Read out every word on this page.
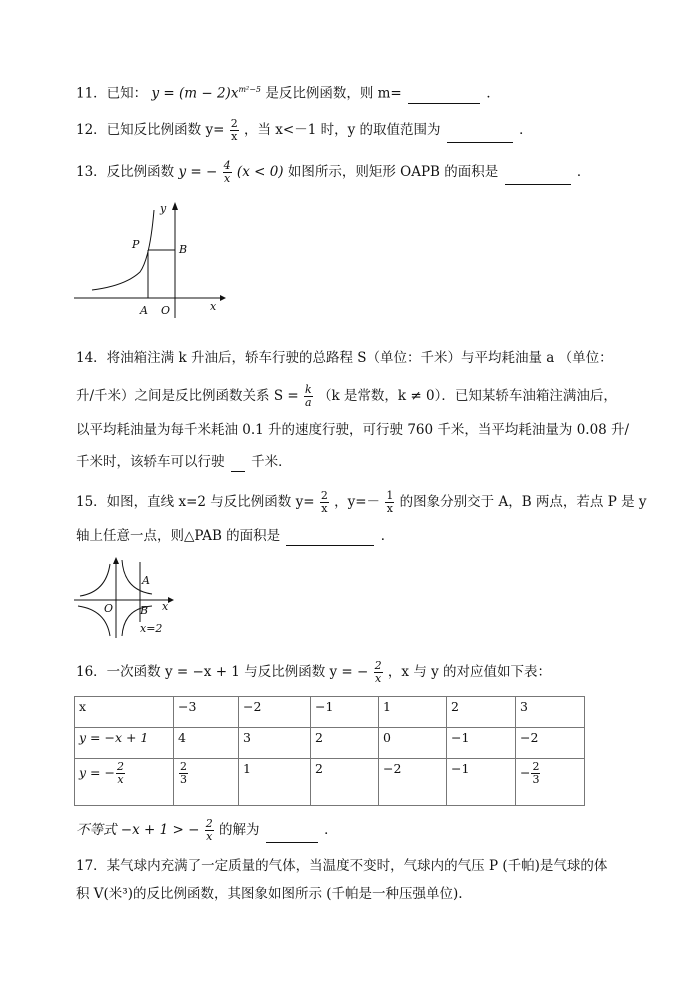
11．已知： $y = (m - 2)x^{m^2-5}$ 是反比例函数，则 m=	．
12．已知反比例函数 $y= \frac{2}{x}$ ，当 x<－1 时，y 的取值范围为	．
13．反比例函数 y = − $\frac{4}{x} (x < 0)$ 如图所示，则矩形 OAPB 的面积是	．
y
x
P	B
A O
14．将油箱注满 k 升油后，轿车行驶的总路程 S（单位：千米）与平均耗油量 a （单位：
升/千米）之间是反比例函数关系 $S = \frac{k}{a} (k$ 是常数，k ≠ 0）．已知某轿车油箱注满油后，
以平均耗油量为每千米耗油 0.1 升的速度行驶，可行驶 760 千米，当平均耗油量为 0.08 升/
千米时，该轿车可以行驶 千米．
15．如图，直线 x=2 与反比例函数 $y= \frac{2}{x}$ ，$y=- \frac{1}{x}$ 的图象分别交于 A，B 两点，若点 P 是 y
轴上任意一点，则△PAB 的面积是	．
A
B
O	x
x=2
16．一次函数 y = −x + 1 与反比例函数 y = − $\frac{2}{x}$ ，x 与 y 的对应值如下表：
x	−3	−2	−1	1	2	3
y = −x + 1	4	3	2	0	−1	−2
y = − $\frac{2}{x}$	$\frac{2}{3}$	1	2	−2	−1	− $\frac{2}{3}$
不等式 −x + 1 > − $\frac{2}{x}$ 的解为	．
17．某气球内充满了一定质量的气体，当温度不变时，气球内的气压 P (千帕)是气球的体
积 V(米³)的反比例函数，其图象如图所示 (千帕是一种压强单位).
